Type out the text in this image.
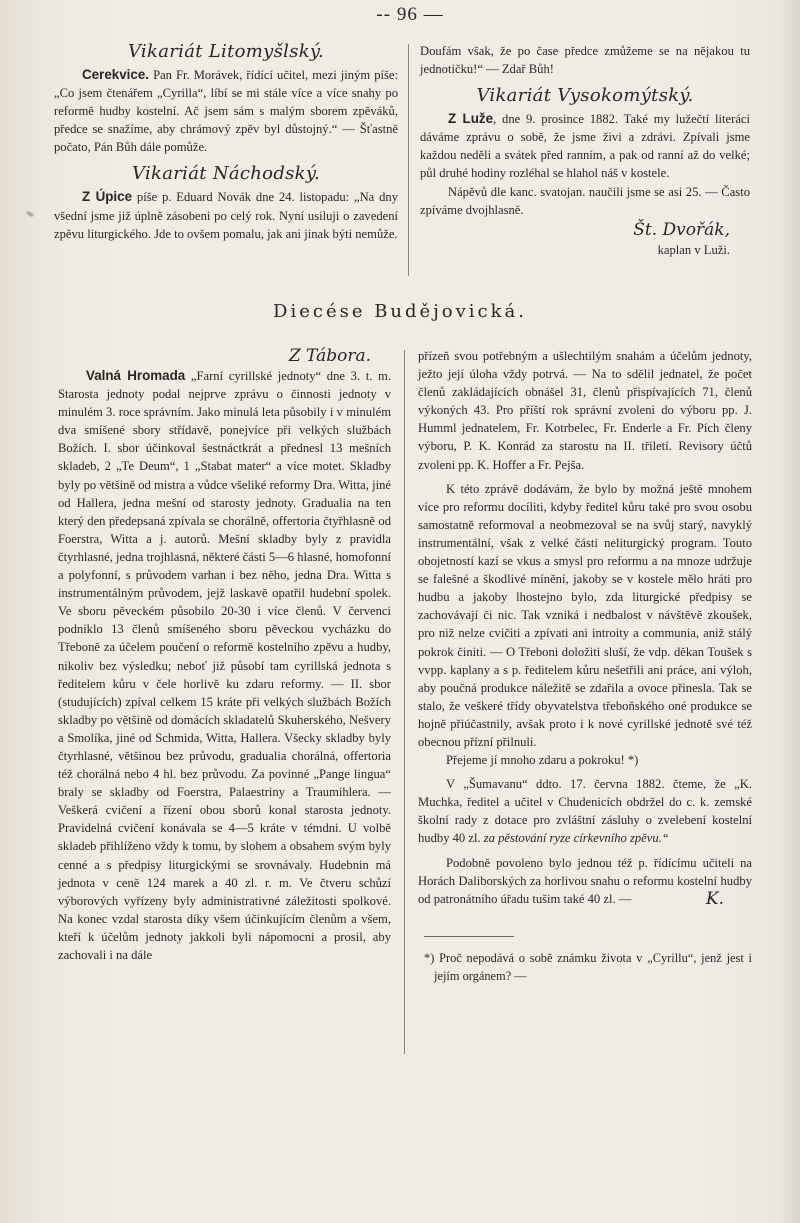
-- 96 —
Vikariát Litomyšlský.

Cerekvice. Pan Fr. Morávek, řídící učitel, mezi jiným píše: „Co jsem čtenářem „Cyrilla“, líbí se mi stále více a více snahy po reformě hudby kostelní. Ač jsem sám s malým sborem zpěváků, předce se snažíme, aby chrámový zpěv byl důstojný.“ — Šťastně počato, Pán Bůh dále pomůže.

Vikariát Náchodský.

Z Úpice píše p. Eduard Novák dne 24. listopadu: „Na dny všední jsme již úplně zásobeni po celý rok. Nyní usiluji o zavedení zpěvu liturgického. Jde to ovšem pomalu, jak ani jinak býti nemůže.

Doufám však, že po čase předce zmůžeme se na nějakou tu jednotičku!“ — Zdař Bůh!

Vikariát Vysokomýtský.

Z Luže, dne 9. prosince 1882. Také my lužečtí literáci dáváme zprávu o sobě, že jsme živi a zdrávi. Zpívali jsme každou neděli a svátek před ranním, a pak od ranní až do velké; půl druhé hodiny rozléhal se hlahol náš v kostele.

Nápěvů dle kanc. svatojan. naučili jsme se asi 25. — Často zpíváme dvojhlasně.

Št. Dvořák,
kaplan v Luži.
Diecése Budějovická.
Z Tábora.

Valná Hromada „Farní cyrillské jednoty“ dne 3. t. m. Starosta jednoty podal nejprve zprávu o činnosti jednoty v minulém 3. roce správním. Jako minulá leta působily i v minulém dva smíšené sbory střídavě, ponejvíce při velkých službách Božích. I. sbor účinkoval šestnáctkrát a přednesl 13 mešních skladeb, 2 „Te Deum“, 1 „Stabat mater“ a více motet. Skladby byly po většině od mistra a vůdce všeliké reformy Dra. Witta, jiné od Hallera, jedna mešní od starosty jednoty. Gradualia na ten který den předepsaná zpívala se chorálně, offertoria čtyřhlasně od Foerstra, Witta a j. autorů. Mešní skladby byly z pravidla čtyrhlasné, jedna trojhlasná, některé části 5—6 hlasné, homofonní a polyfonní, s průvodem varhan i bez něho, jedna Dra. Witta s instrumentálným průvodem, jejž laskavě opatřil hudební spolek. Ve sboru pěveckém působilo 20-30 i více členů. V červenci podniklo 13 členů smíšeného sboru pěveckou vycházku do Třeboně za účelem poučení o reformě kostelního zpěvu a hudby, nikoliv bez výsledku; neboť již působí tam cyrillská jednota s ředitelem kůru v čele horlivě ku zdaru reformy. — II. sbor (studujících) zpíval celkem 15 kráte při velkých službách Božích skladby po většině od domácích skladatelů Skuherského, Nešvery a Smolíka, jiné od Schmida, Witta, Hallera. Všecky skladby byly čtyrhlasné, většinou bez průvodu, gradualia chorálná, offertoria též chorálná nebo 4 hl. bez průvodu. Za povinné „Pange lingua“ braly se skladby od Foerstra, Palaestriny a Traumihlera. — Veškerá cvičení a řízení obou sborů konal starosta jednoty. Pravidelná cvičení konávala se 4—5 kráte v témdni. U volbě skladeb přihlíženo vždy k tomu, by slohem a obsahem svým byly cenné a s předpisy liturgickými se srovnávaly. Hudebnin má jednota v ceně 124 marek a 40 zl. r. m. Ve čtveru schůzí výborových vyřízeny byly administrativné záležitosti spolkové. Na konec vzdal starosta díky všem účinkujícím členům a všem, kteří k účelům jednoty jakkoli byli nápomocni a prosil, aby zachovali i na dále

přízeň svou potřebným a ušlechtilým snahám a účelům jednoty, ježto její úloha vždy potrvá. — Na to sdělil jednatel, že počet členů zakládajících obnášel 31, členů přispívajících 71, členů výkoných 43. Pro příští rok správní zvoleni do výboru pp. J. Humml jednatelem, Fr. Kotrbelec, Fr. Enderle a Fr. Pích členy výboru, P. K. Konrád za starostu na II. třiletí. Revisory účtů zvoleni pp. K. Hoffer a Fr. Pejša.

K této zprávě dodávám, že bylo by možná ještě mnohem více pro reformu docíliti, kdyby ředitel kůru také pro svou osobu samostatně reformoval a neobmezoval se na svůj starý, navyklý instrumentální, však z velké části neliturgický program. Touto obojetností kazí se vkus a smysl pro reformu a na mnoze udržuje se falešné a škodlivé mínění, jakoby se v kostele mělo hráti pro hudbu a jakoby lhostejno bylo, zda liturgické předpisy se zachovávají či nic. Tak vzniká i nedbalost v návštěvě zkoušek, pro niž nelze cvičiti a zpívati ani introity a communia, aniž stálý pokrok činiti. — O Třeboni doložiti sluší, že vdp. děkan Toušek s vvpp. kaplany a s p. ředitelem kůru nešetřili ani práce, ani výloh, aby poučná produkce náležitě se zdařila a ovoce přinesla. Tak se stalo, že veškeré třídy obyvatelstva třeboňského oné produkce se hojně přiúčastnily, avšak proto i k nové cyrillské jednotě své též obecnou přízní přilnuli.

Přejeme jí mnoho zdaru a pokroku! *)

V „Šumavanu“ ddto. 17. června 1882. čteme, že „K. Muchka, ředitel a učitel v Chudenicích obdržel do c. k. zemské školní rady z dotace pro zvláštní zásluhy o zvelebení kostelní hudby 40 zl. za pěstování ryze církevního zpěvu.“

Podobně povoleno bylo jednou též p. řídícímu učiteli na Horách Daliborských za horlivou snahu o reformu kostelní hudby od patronátního úřadu tušim také 40 zl. —	K.

*) Proč nepodává o sobě známku života v „Cyrillu“, jenž jest i jejím orgánem? —
